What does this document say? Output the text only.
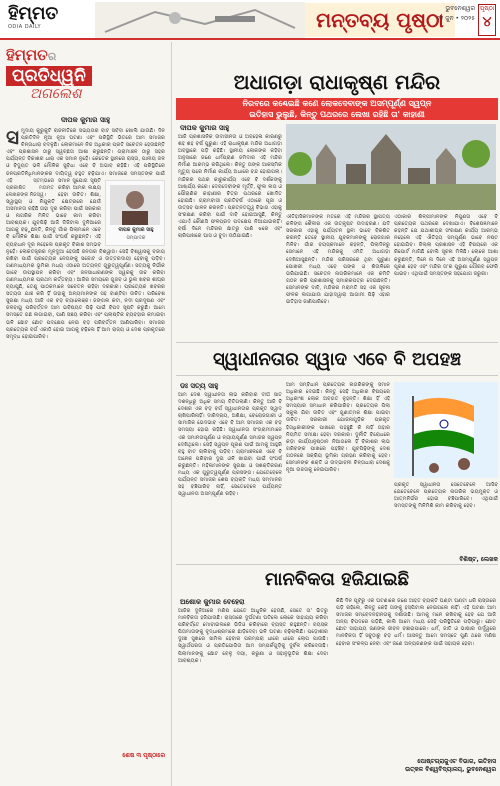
ହିମ୍ମତ
ODIA DAILY	ମନ୍ତବ୍ୟ ପୃଷ୍ଠା ଭୁବନେଶ୍ୱର
୧୧ ଜୁନ • ୨୦୨୫
ପୃଷ୍ଠା
୪
ହିମ୍ମତର
ପ୍ରତିଧ୍ୱନି
ଅଗଲେଶ
ଦୀପକ କୁମାର ସାହୁ
ସ ମୁଦାୟ କୁରୁକୁଟି ରାଜନୀତିରେ ସଭ୍ୟତାର ବାଟ ସର୍ବଦା ଖୋଲି ଯାଉଛି। ଦିନ ପ୍ରତିଦିନ ନୂଆ ନୂଆ ଘଟଣା ଏବଂ ପରିସ୍ଥିତି ଭିତରେ ଆମ ସମାଜର ଚିନ୍ତାଧାରା ବଦଳୁଛି। ଲୋକମାନେ ନିଜ ଅଧିକାର ପ୍ରତି ସଚେତନ ହେଉଛନ୍ତି ଏବଂ ପ୍ରଶାସନ ଠାରୁ ସ୍ୱଚ୍ଛତା ଆଶା କରୁଛନ୍ତି। ଗ୍ରାମାଞ୍ଚଳ ଠାରୁ ସହର ପର୍ଯ୍ୟନ୍ତ ବିକାଶର ଧାରା ଏକ ସମାନ ନୁହେଁ। କେତେକ ସ୍ଥାନରେ ରାସ୍ତା, ପାନୀୟ ଜଳ ଓ ବିଦ୍ୟୁତ ଭଳି ମୌଳିକ ସୁବିଧା ଏବେ ବି ଅଭାବ ରହିଛି। ଏହି ପରିସ୍ଥିତିରେ ଜନପ୍ରତିନିଧିମାନଙ୍କର ଦାୟିତ୍ୱ ବହୁତ ବଢ଼ିଯାଏ।
ଦୀପକ କୁମାର ସାହୁ
ସମ୍ପାଦକ
ଏହି ସ୍ତମ୍ଭରେ ପ୍ରକାଶିତ ମତାମତ ଲେଖକଙ୍କ ନିଜସ୍ୱ।
ସମାଜରେ ସମସ୍ତଙ୍କ ପାଇଁ ସମାନ ସୁଯୋଗ ସୃଷ୍ଟି କରିବା ଆମର ଲକ୍ଷ୍ୟ ହେବା ଉଚିତ। ଶିକ୍ଷା, ସ୍ୱାସ୍ଥ୍ୟ ଓ ନିଯୁକ୍ତି କ୍ଷେତ୍ରରେ ଯେଉଁ ଅସମାନତା ରହିଛି ତାହା ଦୂର କରିବା ପାଇଁ ସରକାର ଓ ନାଗରିକ ମିଳିତ ଭାବେ କାମ କରିବା ଆବଶ୍ୟକ। ଯୁବପିଢ଼ି ଆଜି ଡିଜିଟାଲ ଦୁନିଆରେ ଆଗକୁ ବଢ଼ୁଛନ୍ତି, କିନ୍ତୁ ଗାଁର ପିଲାମାନେ ଏବେ ବି ମୌଳିକ ଶିକ୍ଷା ପାଇଁ ସଂଘର୍ଷ କରୁଛନ୍ତି। ଏହି ବ୍ୟବଧାନ ଦୂର ନହେଲେ ପ୍ରକୃତ ବିକାଶ ସମ୍ଭବ ନୁହେଁ। ଲୋକତନ୍ତ୍ରର ମୂଳଦୁଆ ହେଉଛି ଜନତାର ବିଶ୍ୱାସ। ସେହି ବିଶ୍ୱାସକୁ ବଜାୟ ରଖିବା ପାଇଁ ପ୍ରତ୍ୟେକ ନେତାଙ୍କୁ ସଚ୍ଚୋଟ ଓ ଉତ୍ତରଦାୟୀ ହେବାକୁ ପଡ଼ିବ। ଗଣମାଧ୍ୟମର ଭୂମିକା ମଧ୍ୟ ଏଠାରେ ଅତ୍ୟନ୍ତ ଗୁରୁତ୍ୱପୂର୍ଣ୍ଣ। ସତ୍ୟକୁ ନିର୍ଭୀକ ଭାବେ ଉପସ୍ଥାପନ କରିବା ଏବଂ ଜନସାଧାରଣଙ୍କ ସ୍ୱରକୁ ଉଚ୍ଚ କରିବା ଗଣମାଧ୍ୟମର ପ୍ରଥମ କର୍ତ୍ତବ୍ୟ। ଆଜିର ସମୟରେ ଗୁଜବ ଓ ଭୁଲ ଖବର ଶୀଘ୍ର ବ୍ୟାପୁଛି, ତେଣୁ ପାଠକମାନେ ସଚେତନ ରହିବା ଦରକାର। ପ୍ରତ୍ୟେକ ଖବରର ସତ୍ୟତା ଯାଞ୍ଚ କରି ହିଁ ତାହାକୁ ଅନ୍ୟମାନଙ୍କ ସହ ବାଣ୍ଟିବା ଉଚିତ। ପରିବେଶ ସୁରକ୍ଷା ମଧ୍ୟ ଆଜି ଏକ ବଡ଼ ଚ୍ୟାଲେଞ୍ଜ। ଜଙ୍ଗଲ କଟା, ନଦୀ ପ୍ରଦୂଷଣ ଏବଂ ଜଳବାୟୁ ପରିବର୍ତ୍ତନ ଆମ ଭବିଷ୍ୟତ ପିଢ଼ି ପାଇଁ ବିପଦ ସୃଷ୍ଟି କରୁଛି। ଆମେ ସମସ୍ତେ ଗଛ ଲଗାଇବା, ପାଣି ସଞ୍ଚୟ କରିବା ଏବଂ ପ୍ଲାଷ୍ଟିକ ବ୍ୟବହାର କମାଇବା ଭଳି ଛୋଟ ଛୋଟ ପଦକ୍ଷେପ ନେଇ ବଡ଼ ପରିବର୍ତ୍ତନ ଆଣିପାରିବା। ସମାଜର ପ୍ରତ୍ୟେକ ବର୍ଗ ଏକାଠି ହୋଇ ଆଗକୁ ବଢ଼ିଲେ ହିଁ ଆମ ରାଜ୍ୟ ଓ ଦେଶ ପ୍ରକୃତରେ ସମୃଦ୍ଧ ହୋଇପାରିବ।
ଶେଷ ୩ ପୃଷ୍ଠାରେ
ଅଧାଗଡ଼ା ରାଧାକୃଷ୍ଣ ମନ୍ଦିର
ନିରବରେ କଣ୍ଢେଇଛି କଣେ ଲୋକଦେବାଙ୍କ ଅସମ୍ପୂର୍ଣ୍ଣ ସ୍ୱପ୍ନ
ଇତିହାସ ଭୁଲୁଛି, କିନ୍ତୁ ପଥରରେ ଲେଖା ରହିଛି ତା' କାହାଣୀ
ଦୀପକ କୁମାର ସାହୁ
ଆଜି ପ୍ରଶାସନିକ ଉଦାସୀନତା ଓ ଅବହେଳା କାରଣରୁ ଶହ ଶହ ବର୍ଷ ପୁରୁଣା ଏହି ରାଧାକୃଷ୍ଣ ମନ୍ଦିର ଅଧାଗଡ଼ା ଅବସ୍ଥାରେ ପଡ଼ି ରହିଛି। ସ୍ଥାନୀୟ ଲୋକଙ୍କ କହିବା ଅନୁସାରେ ଜଣେ ଧର୍ମପ୍ରାଣ ଜମିଦାର ଏହି ମନ୍ଦିର ନିର୍ମାଣ ଆରମ୍ଭ କରିଥିଲେ। କିନ୍ତୁ ତାଙ୍କ ଆକସ୍ମିକ ମୃତ୍ୟୁ ପରେ ନିର୍ମାଣ କାର୍ଯ୍ୟ ଅଧାରେ ବନ୍ଦ ହୋଇଗଲା। ମନ୍ଦିରର ପଥର କାରୁକାର୍ଯ୍ୟ ଏବେ ବି ଦର୍ଶକଙ୍କୁ ଆଶ୍ଚର୍ଯ୍ୟ କରେ। ଦେବଦେବୀଙ୍କ ମୂର୍ତ୍ତି, ଫୁଲ ଲତା ଓ ପୌରାଣିକ କାହାଣୀର ଚିତ୍ର ପଥରରେ ଖୋଦିତ ହୋଇଛି। ଗ୍ରାମବାସୀ ପ୍ରତିବର୍ଷ ଏଠାରେ ପୂଜା ଓ ଉତ୍ସବ ପାଳନ କରନ୍ତି। ପ୍ରତ୍ନତତ୍ତ୍ୱ ବିଭାଗ ଏହାକୁ ସଂରକ୍ଷଣ କରିବା ପାଇଁ ଦାବି ହୋଇଆସୁଛି, କିନ୍ତୁ ଏଯାଏଁ କୌଣସି ଫଳପ୍ରଦ ପଦକ୍ଷେପ ନିଆଯାଇନାହିଁ। ବର୍ଷା ଦିନେ ମନ୍ଦିରର ଛାତରୁ ପାଣି ଝରେ ଏବଂ ଚାରିପାଖରେ ଘାସ ଓ ବୁଦା ଉଠିଯାଇଛି।
ଐତିହାସିକମାନଙ୍କ ମତରେ ଏହି ମନ୍ଦିରର ସ୍ଥାପତ୍ୟ କଳିଙ୍ଗ ଶୈଳୀର ଏକ ଉତ୍କୃଷ୍ଟ ଉଦାହରଣ। ଯଦି ସରକାର ଏହାକୁ ପର୍ଯ୍ୟଟନ ସ୍ଥଳୀ ଭାବେ ବିକଶିତ କରନ୍ତି ତେବେ ସ୍ଥାନୀୟ ଯୁବକମାନଙ୍କୁ ରୋଜଗାର ମିଳିବ। ଗାଁର ବୟସ୍କମାନେ କହନ୍ତି, ପିଲାଦିନରୁ ସେମାନେ ଏହି ମନ୍ଦିରକୁ ଏମିତି ଅଧାଗଡ଼ା ଦେଖିଆସୁଛନ୍ତି। ମନ୍ଦିର ପରିସରରେ ଥିବା ପୁରୁଣା ପୋଖରୀ ମଧ୍ୟ ଏବେ ପଙ୍କ ଓ ଶିଉଳିରେ ଭରିଯାଇଛି। ସଚେତନ ନାଗରିକମାନେ ଏକ କମିଟି ଗଠନ କରି ପ୍ରଶାସନକୁ ସ୍ମାରକପତ୍ର ଦେଇଛନ୍ତି। ସେମାନଙ୍କ ଦାବି, ମନ୍ଦିରର ମରାମତି ସହ ଏକ ସୂଚନା ଫଳକ ଲଗାଯାଉ ଯାହାଦ୍ୱାରା ଆଗାମୀ ପିଢ଼ି ଏହାର ଇତିହାସ ଜାଣିପାରିବେ।
ଏଠାକାର ଶିଳ୍ପୀମାନଙ୍କ ନିପୁଣତା ଏବେ ବି ପ୍ରତ୍ୟେକ ପଥରରେ ଦେଖାଯାଏ। ବିଶେଷଜ୍ଞମାନେ କହନ୍ତି ଯେ ଯଥାଶୀଘ୍ର ସଂରକ୍ଷଣ କାର୍ଯ୍ୟ ଆରମ୍ଭ ନହେଲେ ଏହି ଐତିହ୍ୟ ସମ୍ପୂର୍ଣ୍ଣ ଭାବେ ନଷ୍ଟ ହୋଇଯିବ। ଜିଲ୍ଲା ପ୍ରଶାସନ ଏହି ବିଷୟରେ ଏକ ରିପୋର୍ଟ ମାଗିଛି ବୋଲି ସୂଚନା ମିଳିଛି। ଲୋକେ ଆଶା କରୁଛନ୍ତି, ଦିନେ ନା ଦିନେ ଏହି ଅସମ୍ପୂର୍ଣ୍ଣ ସ୍ୱପ୍ନ ପୂରଣ ହେବ ଏବଂ ମନ୍ଦିର ତା'ର ପୁରୁଣା ଗୌରବ ଫେରି ପାଇବ। ଏଥିପାଇଁ ସମସ୍ତଙ୍କ ସହଯୋଗ ଜରୁରୀ।
ସ୍ୱାଧୀନତାର ସ୍ୱାଦ ଏବେ ବି ଅପହଞ୍ଚ
ଡଃ ସତ୍ୟ ସାହୁ
ଆମ ଦେଶ ସ୍ୱାଧୀନତା ଲାଭ କରିବାର ଦୀର୍ଘ ସାତ ଦଶନ୍ଧିରୁ ଅଧିକ ସମୟ ବିତିଗଲାଣି। କିନ୍ତୁ ଆଜି ବି ଦେଶର ଏକ ବଡ଼ ବର୍ଗ ସ୍ୱାଧୀନତାର ପ୍ରକୃତ ସ୍ୱାଦ ଚାଖିପାରିନାହିଁ। ଦାରିଦ୍ର୍ୟ, ଅଶିକ୍ଷା, ବେରୋଜଗାରୀ ଓ ସାମାଜିକ ଭେଦଭାବ ଏବେ ବି ଆମ ସମାଜର ଏକ ବଡ଼ ସମସ୍ୟା ହୋଇ ରହିଛି। ସ୍ୱାଧୀନତା ସଂଗ୍ରାମୀମାନେ ଏକ ସମାନତାପୂର୍ଣ୍ଣ ଓ ନ୍ୟାୟପୂର୍ଣ୍ଣ ସମାଜର ସ୍ୱପ୍ନ ଦେଖିଥିଲେ। ସେହି ସ୍ୱପ୍ନ ପୂରଣ ପାଇଁ ଆମକୁ ଆହୁରି ବହୁ ବାଟ ଚାଲିବାକୁ ପଡ଼ିବ। ଗ୍ରାମାଞ୍ଚଳରେ ଏବେ ବି ଅନେକ ପରିବାର ଦୁଇ ଓଳି ଖାଇବା ପାଇଁ ସଂଘର୍ଷ କରୁଛନ୍ତି। ମହିଳାମାନଙ୍କ ସୁରକ୍ଷା ଓ ସଶକ୍ତିକରଣ ମଧ୍ୟ ଏକ ଗୁରୁତ୍ୱପୂର୍ଣ୍ଣ ପ୍ରସଙ୍ଗ। ଯେତେବେଳେ ପର୍ଯ୍ୟନ୍ତ ସମାଜର ଶେଷ ବ୍ୟକ୍ତି ମଧ୍ୟ ସମ୍ମାନର ସହ ବଞ୍ଚିପାରିବ ନାହିଁ, ସେତେବେଳେ ପର୍ଯ୍ୟନ୍ତ ସ୍ୱାଧୀନତା ଅସମ୍ପୂର୍ଣ୍ଣ ରହିବ।
ଆମ ସମ୍ବିଧାନ ପ୍ରତ୍ୟେକ ନାଗରିକଙ୍କୁ ସମାନ ଅଧିକାର ଦେଇଛି। କିନ୍ତୁ ସେହି ଅଧିକାର ବିଷୟରେ ଅଧିକାଂଶ ଲୋକ ଅବଗତ ନୁହନ୍ତି। ଶିକ୍ଷା ହିଁ ଏହି ସମସ୍ୟାର ସମାଧାନ କରିପାରିବ। ପ୍ରତ୍ୟେକ ପିଲା ସ୍କୁଲ ଯିବା ଉଚିତ ଏବଂ ଗୁଣାତ୍ମକ ଶିକ୍ଷା ପାଇବା ଉଚିତ। ସରକାରୀ ଯୋଜନାଗୁଡ଼ିକ ପ୍ରକୃତ ହିତାଧିକାରୀଙ୍କ ପାଖରେ ପହଞ୍ଚୁଛି କି ନାହିଁ ତାହାର ନିୟମିତ ସମୀକ୍ଷା ହେବା ଦରକାର। ଦୁର୍ନୀତି ବିରୋଧରେ କଡ଼ା କାର୍ଯ୍ୟାନୁଷ୍ଠାନ ନିଆଗଲେ ହିଁ ବିକାଶର ଲାଭ ଗରିବଙ୍କ ପାଖରେ ପହଞ୍ଚିବ। ଯୁବପିଢ଼ିଙ୍କୁ ଦେଶ ଗଠନରେ ସକ୍ରିୟ ଭୂମିକା ଗ୍ରହଣ କରିବାକୁ ହେବ। ସେମାନଙ୍କ ଶକ୍ତି ଓ ଉଦ୍ଭାବନୀ ଚିନ୍ତାଧାରା ଦେଶକୁ ନୂଆ ଉଚ୍ଚତାକୁ ନେଇପାରିବ।
ପ୍ରକୃତ ସ୍ୱାଧୀନତା ସେତେବେଳେ ଆସିବ ଯେତେବେଳେ ପ୍ରତ୍ୟେକ ନାଗରିକ ଭୟମୁକ୍ତ ଓ ଆତ୍ମନିର୍ଭର ହୋଇ ବଞ୍ଚିପାରିବେ। ଏଥିପାଇଁ ସମସ୍ତଙ୍କୁ ମିଳିମିଶି କାମ କରିବାକୁ ହେବ।
ବିଶିଷ୍ଟ, ଲେଖକ
ମାନବିକତା ହଜିଯାଇଛି
ଅଶୋକ କୁମାର ବେହେରା
ଆଜିର ଦୁନିଆରେ ମଣିଷ ଯେତେ ଆଧୁନିକ ହେଉଛି, ସେତେ ତା' ଭିତରୁ ମାନବିକତା ହଜିଯାଉଛି। ରାସ୍ତାରେ ଦୁର୍ଘଟଣା ଘଟିଲେ ଲୋକେ ସାହାଯ୍ୟ କରିବା ପରିବର୍ତ୍ତେ ମୋବାଇଲରେ ଭିଡିଓ କରିବାରେ ବ୍ୟସ୍ତ ରହୁଛନ୍ତି। ବୟସ୍କ ପିତାମାତାଙ୍କୁ ବୃଦ୍ଧାଶ୍ରମରେ ଛାଡ଼ିଦେବା ଭଳି ଘଟଣା ବଢ଼ିଚାଲିଛି। ପଡ଼ୋଶୀର ଦୁଃଖ ସୁଖରେ ସାମିଲ ହେବାର ପରମ୍ପରା ଧୀରେ ଧୀରେ ଲୋପ ପାଉଛି। ସ୍ୱାର୍ଥପରତା ଓ ପ୍ରତିଯୋଗିତା ଆମ ସମ୍ପର୍କଗୁଡ଼ିକୁ ଦୁର୍ବଳ କରିଦେଉଛି। ପିଲାମାନଙ୍କୁ ଛୋଟ ବେଳୁ ଦୟା, କରୁଣା ଓ ସହାନୁଭୂତିର ଶିକ୍ଷା ଦେବା ଆବଶ୍ୟକ।
କିଛି ଦିନ ପୂର୍ବରୁ ଏକ ଘଟଣାରେ ଜଣେ ଆହତ ବ୍ୟକ୍ତି ଘଣ୍ଟା ଘଣ୍ଟା ଧରି ରାସ୍ତାରେ ପଡ଼ି ରହିଲେ, କିନ୍ତୁ କେହି ତାଙ୍କୁ ହସ୍ପିଟାଲ ନେଇଗଲେ ନାହିଁ। ଏହି ଘଟଣା ଆମ ସମାଜର ସମ୍ବେଦନହୀନତାକୁ ଦର୍ଶାଉଛି। ଆମକୁ ମନେ ରଖିବାକୁ ହେବ ଯେ ଆଜି ଅନ୍ୟ ବିପଦରେ ପଡ଼ିଛି, କାଲି ଆମେ ମଧ୍ୟ ସେହି ପରିସ୍ଥିତିରେ ପଡ଼ିପାରୁ। ଛୋଟ ଛୋଟ ସାହାଯ୍ୟ ଜଣଙ୍କ ଜୀବନ ବଞ୍ଚାଇପାରେ। ଧର୍ମ, ଜାତି ଓ ଭାଷାର ଉର୍ଦ୍ଧ୍ୱରେ ମାନବିକତା ହିଁ ସବୁଠାରୁ ବଡ଼ ଧର୍ମ। ଆସନ୍ତୁ ଆମେ ସମସ୍ତେ ପୁଣି ଥରେ ମଣିଷ ହେବାର ସଂକଳ୍ପ ନେବା ଏବଂ ଜଣେ ଅନ୍ୟଜଣଙ୍କ ପାଇଁ ସହାୟକ ହେବା।
ପୋଷ୍ଟଗ୍ରାଜୁଏଟ ବିଭାଗ, ଇତିହାସ
ଉତ୍କଳ ବିଶ୍ୱବିଦ୍ୟାଳୟ, ଭୁବନେଶ୍ୱର
